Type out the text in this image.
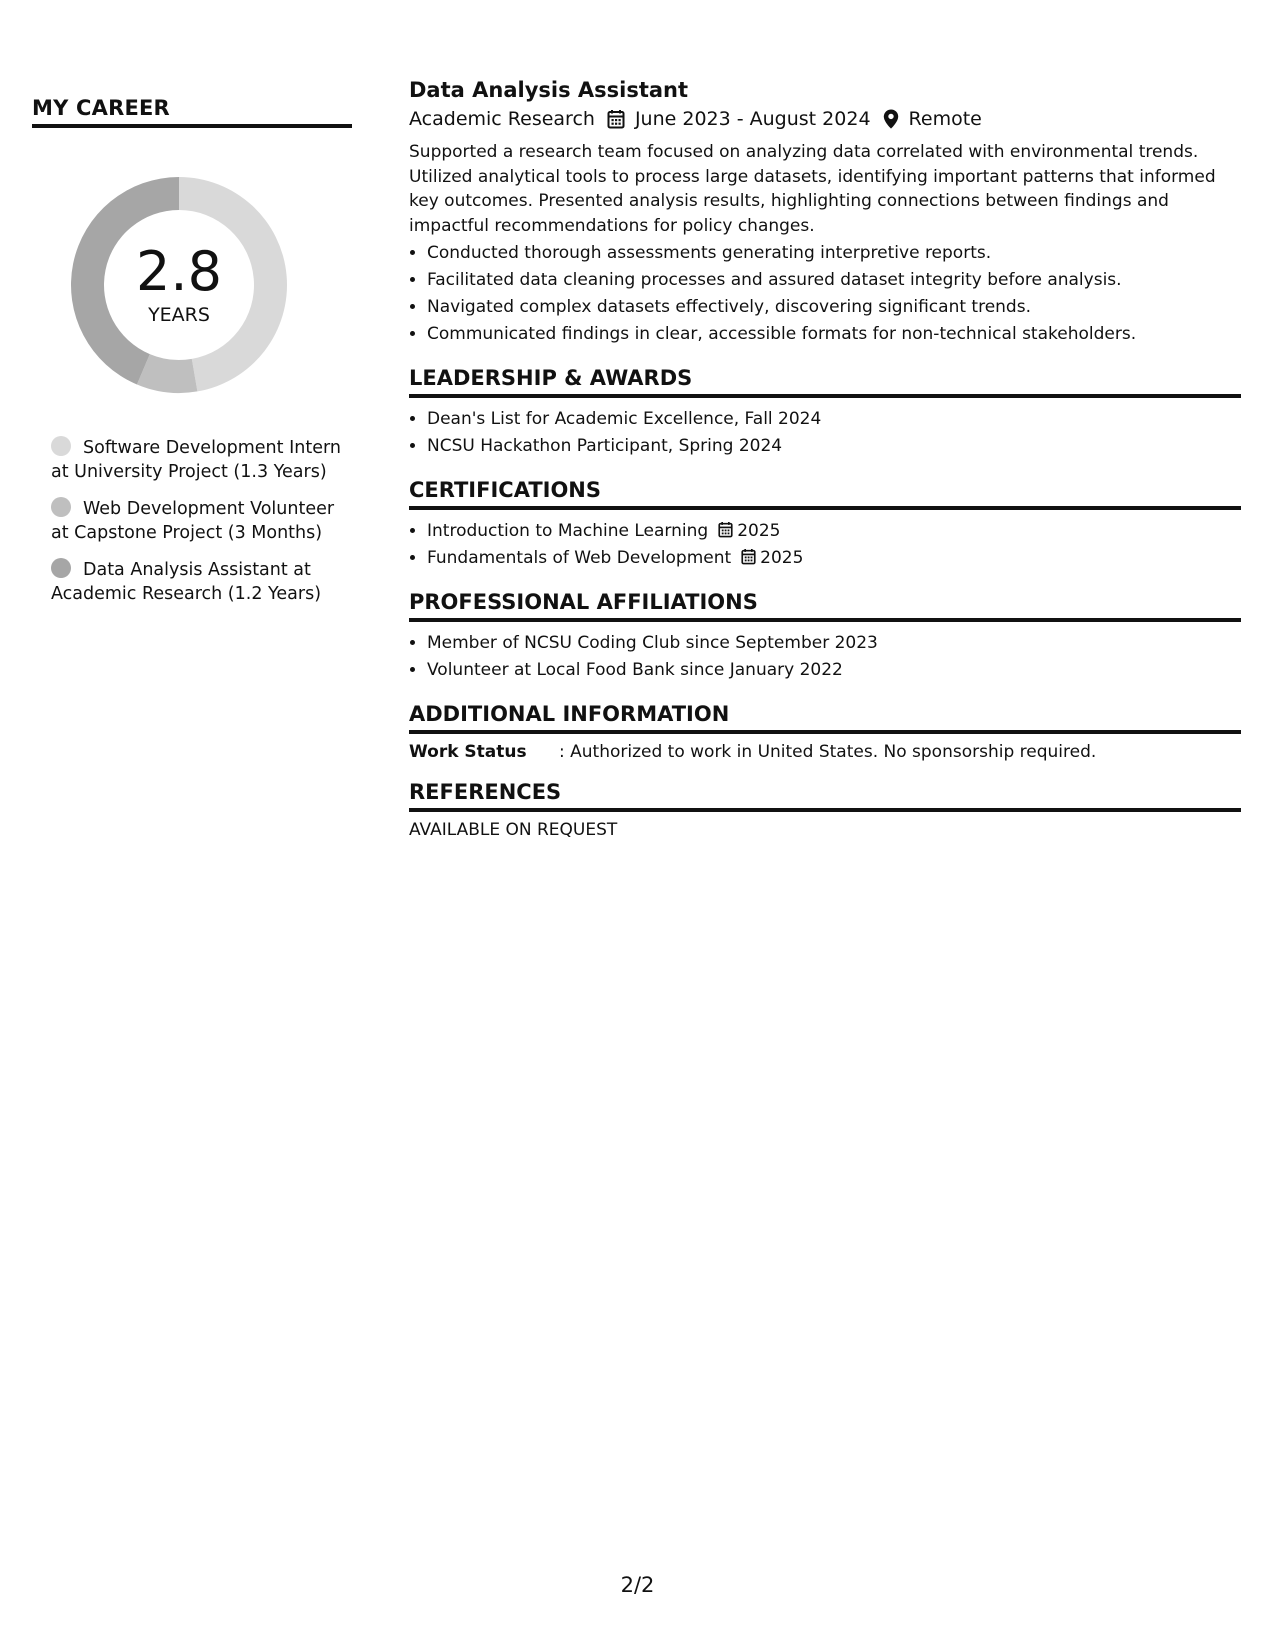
MY CAREER
2.8
YEARS
Software Development Intern at University Project (1.3 Years)
Web Development Volunteer at Capstone Project (3 Months)
Data Analysis Assistant at Academic Research (1.2 Years)
Data Analysis Assistant
Academic Research June 2023 - August 2024 Remote

Supported a research team focused on analyzing data correlated with environmental trends. Utilized analytical tools to process large datasets, identifying important patterns that informed key outcomes. Presented analysis results, highlighting connections between findings and impactful recommendations for policy changes.

• Conducted thorough assessments generating interpretive reports.
• Facilitated data cleaning processes and assured dataset integrity before analysis.
• Navigated complex datasets effectively, discovering significant trends.
• Communicated findings in clear, accessible formats for non-technical stakeholders.
LEADERSHIP & AWARDS
• Dean's List for Academic Excellence, Fall 2024
• NCSU Hackathon Participant, Spring 2024
CERTIFICATIONS
• Introduction to Machine Learning 2025
• Fundamentals of Web Development 2025
PROFESSIONAL AFFILIATIONS
• Member of NCSU Coding Club since September 2023
• Volunteer at Local Food Bank since January 2022
ADDITIONAL INFORMATION
Work Status	: Authorized to work in United States. No sponsorship required.
REFERENCES
AVAILABLE ON REQUEST
2/2
